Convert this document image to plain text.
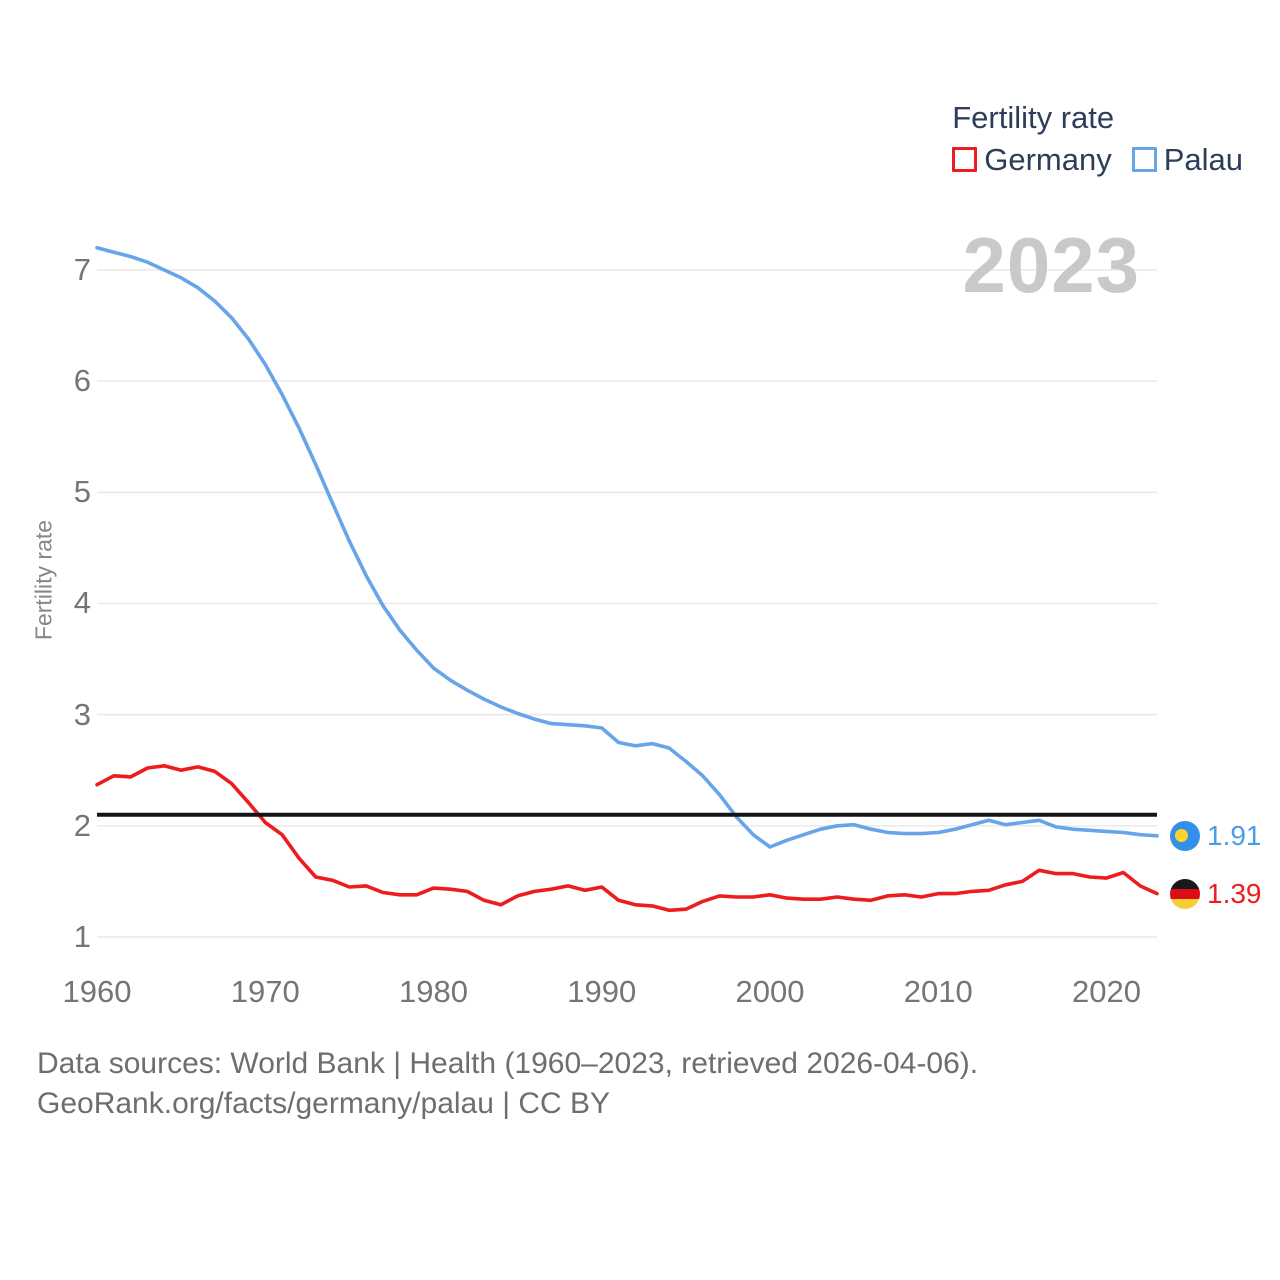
2023
Fertility rate
1
2
3
4
5
6
7
1960	1970	1980	1990	2000	2010	2020
Fertility rate
Germany Palau
1.91
1.39
Data sources: World Bank | Health (1960–2023, retrieved 2026-04-06).
GeoRank.org/facts/germany/palau | CC BY
